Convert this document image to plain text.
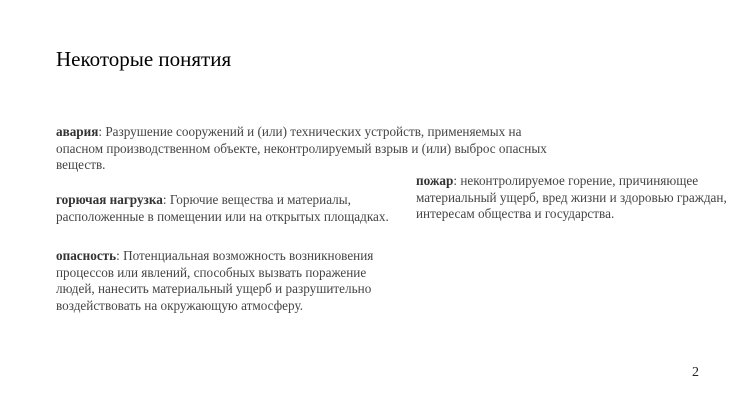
Некоторые понятия

авария: Разрушение сооружений и (или) технических устройств, применяемых на
опасном производственном объекте, неконтролируемый взрыв и (или) выброс опасных
веществ.

горючая нагрузка: Горючие вещества и материалы,
расположенные в помещении или на открытых площадках.

пожар: неконтролируемое горение, причиняющее
материальный ущерб, вред жизни и здоровью граждан,
интересам общества и государства.

опасность: Потенциальная возможность возникновения
процессов или явлений, способных вызвать поражение
людей, нанесить материальный ущерб и разрушительно
воздействовать на окружающую атмосферу.

2
